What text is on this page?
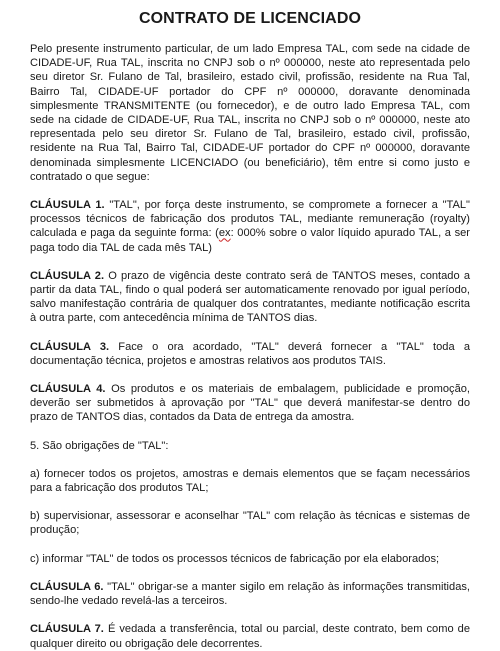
CONTRATO DE LICENCIADO

Pelo presente instrumento particular, de um lado Empresa TAL, com sede na cidade de CIDADE-UF, Rua TAL, inscrita no CNPJ sob o nº 000000, neste ato representada pelo seu diretor Sr. Fulano de Tal, brasileiro, estado civil, profissão, residente na Rua Tal, Bairro Tal, CIDADE-UF portador do CPF nº 000000, doravante denominada simplesmente TRANSMITENTE (ou fornecedor), e de outro lado Empresa TAL, com sede na cidade de CIDADE-UF, Rua TAL, inscrita no CNPJ sob o nº 000000, neste ato representada pelo seu diretor Sr. Fulano de Tal, brasileiro, estado civil, profissão, residente na Rua Tal, Bairro Tal, CIDADE-UF portador do CPF nº 000000, doravante denominada simplesmente LICENCIADO (ou beneficiário), têm entre si como justo e contratado o que segue:

CLÁUSULA 1. "TAL", por força deste instrumento, se compromete a fornecer a "TAL" processos técnicos de fabricação dos produtos TAL, mediante remuneração (royalty) calculada e paga da seguinte forma: (ex: 000% sobre o valor líquido apurado TAL, a ser paga todo dia TAL de cada mês TAL)

CLÁUSULA 2. O prazo de vigência deste contrato será de TANTOS meses, contado a partir da data TAL, findo o qual poderá ser automaticamente renovado por igual período, salvo manifestação contrária de qualquer dos contratantes, mediante notificação escrita à outra parte, com antecedência mínima de TANTOS dias.

CLÁUSULA 3. Face o ora acordado, "TAL" deverá fornecer a "TAL" toda a documentação técnica, projetos e amostras relativos aos produtos TAIS.

CLÁUSULA 4. Os produtos e os materiais de embalagem, publicidade e promoção, deverão ser submetidos à aprovação por "TAL" que deverá manifestar-se dentro do prazo de TANTOS dias, contados da Data de entrega da amostra.

5. São obrigações de "TAL":

a) fornecer todos os projetos, amostras e demais elementos que se façam necessários para a fabricação dos produtos TAL;

b) supervisionar, assessorar e aconselhar "TAL" com relação às técnicas e sistemas de produção;

c) informar "TAL" de todos os processos técnicos de fabricação por ela elaborados;

CLÁUSULA 6. "TAL" obrigar-se a manter sigilo em relação às informações transmitidas, sendo-lhe vedado revelá-las a terceiros.

CLÁUSULA 7. É vedada a transferência, total ou parcial, deste contrato, bem como de qualquer direito ou obrigação dele decorrentes.
